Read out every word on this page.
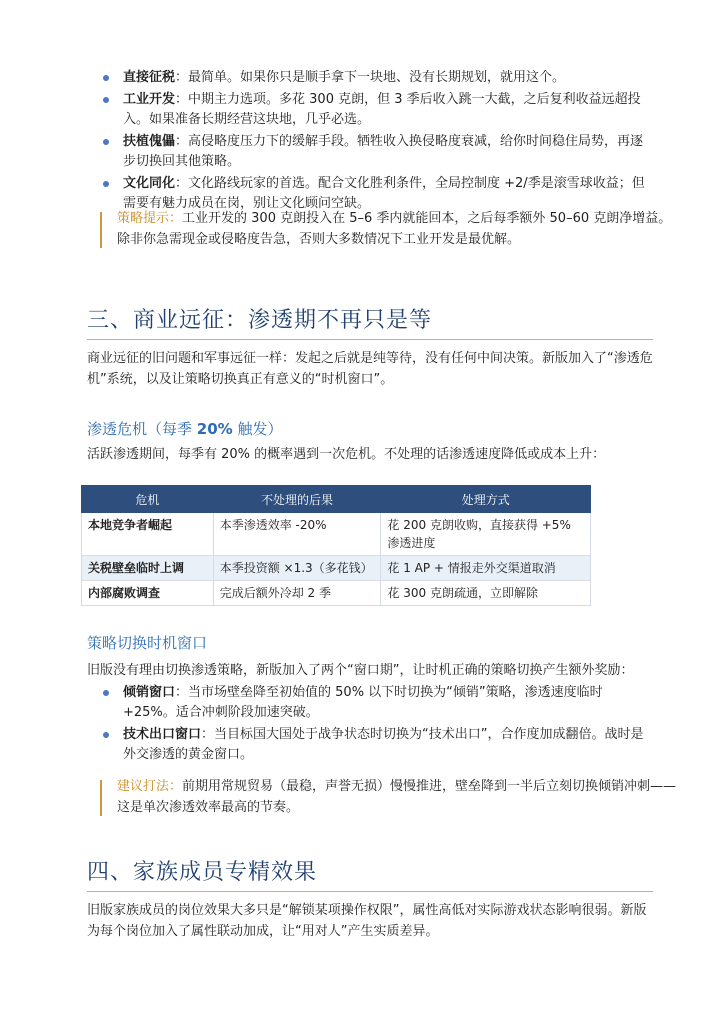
直接征税：最简单。如果你只是顺手拿下一块地、没有长期规划，就用这个。
工业开发：中期主力选项。多花 300 克朗，但 3 季后收入跳一大截，之后复利收益远超投入。如果准备长期经营这块地，几乎必选。
扶植傀儡：高侵略度压力下的缓解手段。牺牲收入换侵略度衰减，给你时间稳住局势，再逐步切换回其他策略。
文化同化：文化路线玩家的首选。配合文化胜利条件，全局控制度 +2/季是滚雪球收益；但需要有魅力成员在岗，别让文化顾问空缺。
策略提示：工业开发的 300 克朗投入在 5–6 季内就能回本，之后每季额外 50–60 克朗净增益。除非你急需现金或侵略度告急，否则大多数情况下工业开发是最优解。
三、商业远征：渗透期不再只是等

商业远征的旧问题和军事远征一样：发起之后就是纯等待，没有任何中间决策。新版加入了“渗透危机”系统，以及让策略切换真正有意义的“时机窗口”。

渗透危机（每季 20% 触发）

活跃渗透期间，每季有 20% 的概率遇到一次危机。不处理的话渗透速度降低或成本上升：

危机	不处理的后果	处理方式
本地竞争者崛起	本季渗透效率 -20%	花 200 克朗收购，直接获得 +5% 渗透进度
关税壁垒临时上调	本季投资额 ×1.3（多花钱）	花 1 AP + 情报走外交渠道取消
内部腐败调查	完成后额外冷却 2 季	花 300 克朗疏通，立即解除
策略切换时机窗口

旧版没有理由切换渗透策略，新版加入了两个“窗口期”，让时机正确的策略切换产生额外奖励：

倾销窗口：当市场壁垒降至初始值的 50% 以下时切换为“倾销”策略，渗透速度临时 +25%。适合冲刺阶段加速突破。
技术出口窗口：当目标国大国处于战争状态时切换为“技术出口”，合作度加成翻倍。战时是外交渗透的黄金窗口。
建议打法：前期用常规贸易（最稳，声誉无损）慢慢推进，壁垒降到一半后立刻切换倾销冲刺——这是单次渗透效率最高的节奏。
四、家族成员专精效果

旧版家族成员的岗位效果大多只是“解锁某项操作权限”，属性高低对实际游戏状态影响很弱。新版为每个岗位加入了属性联动加成，让“用对人”产生实质差异。
